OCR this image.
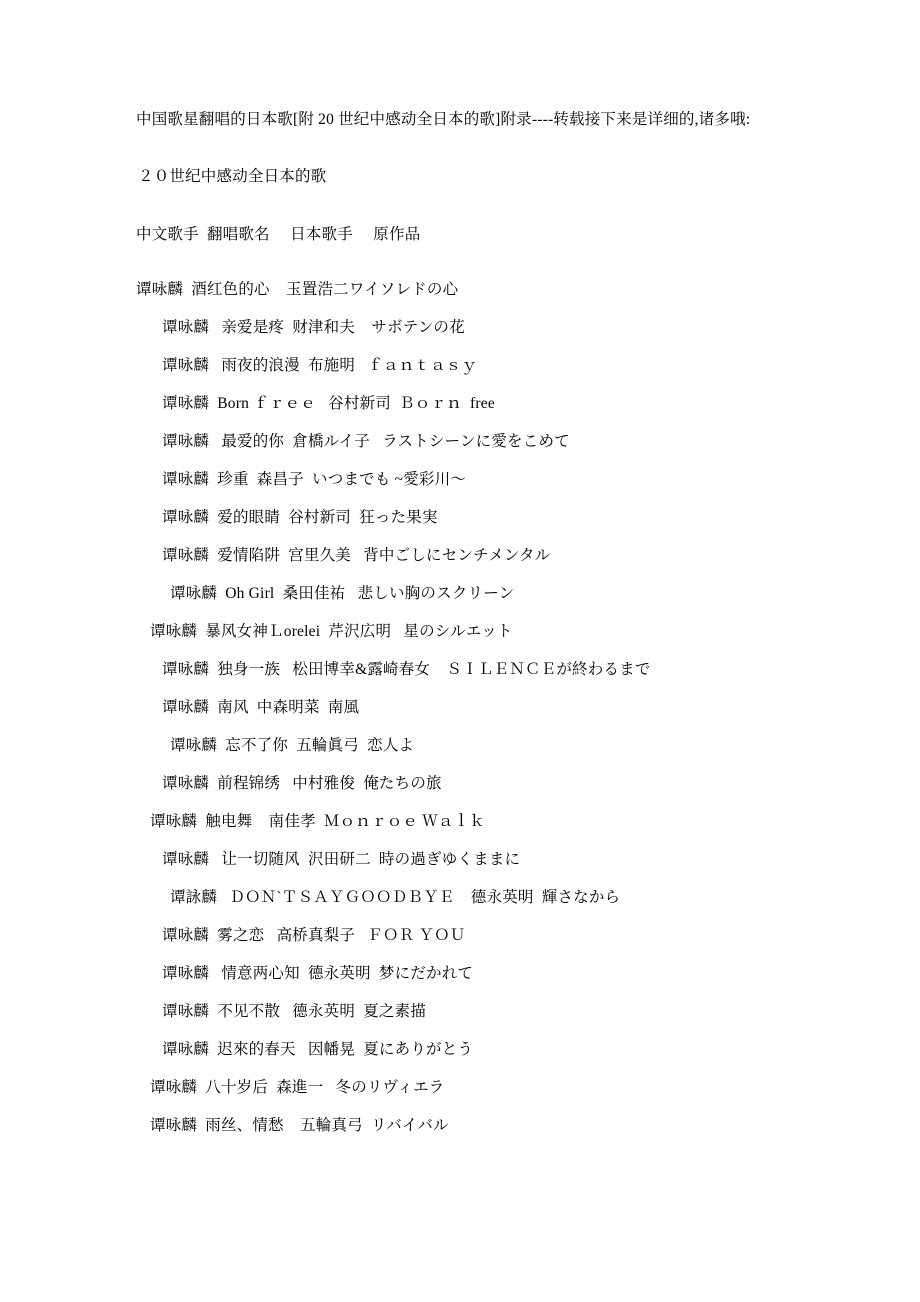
中国歌星翻唱的日本歌[附 20 世纪中感动全日本的歌]附录----转载接下来是详细的,诸多哦:
２０世纪中感动全日本的歌
中文歌手  翻唱歌名     日本歌手     原作品
谭咏麟  酒红色的心    玉置浩二ワイソレドの心
谭咏麟   亲爱是疼  财津和夫    サボテンの花
谭咏麟   雨夜的浪漫  布施明   ｆａｎｔａｓｙ
谭咏麟  Born ｆｒｅｅ   谷村新司  Ｂｏｒｎ  free
谭咏麟   最爱的你  倉橋ルイ子   ラストシーンに愛をこめて
谭咏麟  珍重  森昌子  いつまでも ~愛彩川～
谭咏麟  爱的眼睛  谷村新司  狂った果実
谭咏麟  爱情陷阱  宫里久美   背中ごしにセンチメンタル
谭咏麟  Oh Girl  桑田佳祐   悲しい胸のスクリーン
谭咏麟  暴风女神Ｌorelei  芹沢広明   星のシルエット
谭咏麟  独身一族   松田博幸&露崎春女    ＳＩＬＥＮＣＥが終わるまで
谭咏麟  南风  中森明菜  南風
谭咏麟  忘不了你  五輪眞弓  恋人よ
谭咏麟  前程锦绣   中村雅俊  俺たちの旅
谭咏麟  触电舞    南佳孝  Ｍｏｎｒｏｅ Ｗａｌｋ
谭咏麟   让一切随风  沢田研二  時の過ぎゆくままに
谭詠麟   ＤＯＮ`ＴＳＡＹＧＯＯＤＢＹＥ    德永英明  輝さなから
谭咏麟  雾之恋   高桥真梨子   ＦＯＲ ＹＯＵ
谭咏麟   情意两心知  德永英明  梦にだかれて
谭咏麟  不见不散   德永英明  夏之素描
谭咏麟  迟來的春天   因幡晃  夏にありがとう
谭咏麟  八十岁后  森進一   冬のリヴィエラ
谭咏麟  雨丝、情愁    五輪真弓  リバイバル
